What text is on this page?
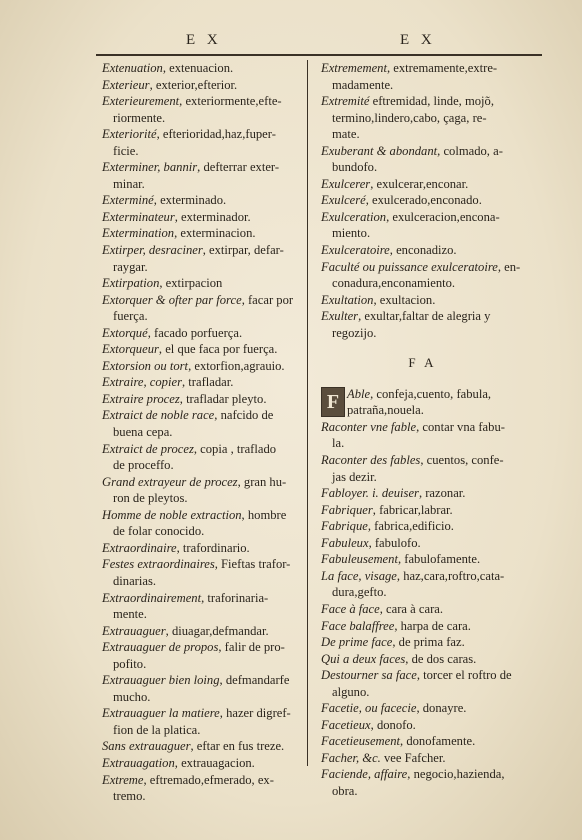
E X	E X
Extenuation, extenuacion.
Exterieur, exterior,efterior.
Exterieurement, exteriormente,efte-
riormente.
Exteriorité, efterioridad,haz,fuper-
ficie.
Exterminer, bannir, defterrar exter-
minar.
Exterminé, exterminado.
Exterminateur, exterminador.
Extermination, exterminacion.
Extirper, desraciner, extirpar, defar-
raygar.
Extirpation, extirpacion
Extorquer & ofter par force, facar por
fuerça.
Extorqué, facado porfuerça.
Extorqueur, el que faca por fuerça.
Extorsion ou tort, extorfion,agrauio.
Extraire, copier, trafladar.
Extraire procez, trafladar pleyto.
Extraict de noble race, nafcido de
buena cepa.
Extraict de procez, copia , traflado
de proceffo.
Grand extrayeur de procez, gran hu-
ron de pleytos.
Homme de noble extraction, hombre
de folar conocido.
Extraordinaire, trafordinario.
Festes extraordinaires, Fieftas trafor-
dinarias.
Extraordinairement, traforinaria-
mente.
Extrauaguer, diuagar,defmandar.
Extrauaguer de propos, falir de pro-
pofito.
Extrauaguer bien loing, defmandarfe
mucho.
Extrauaguer la matiere, hazer digref-
fion de la platica.
Sans extrauaguer, eftar en fus treze.
Extrauagation, extrauagacion.
Extreme, eftremado,efmerado, ex-
tremo.
Extremement, extremamente,extre-
madamente.
Extremité eftremidad, linde, mojõ,
termino,lindero,cabo, çaga, re-
mate.
Exuberant & abondant, colmado, a-
bundofo.
Exulcerer, exulcerar,enconar.
Exulceré, exulcerado,enconado.
Exulceration, exulceracion,encona-
miento.
Exulceratoire, enconadizo.
Faculté ou puissance exulceratoire, en-
conadura,enconamiento.
Exultation, exultacion.
Exulter, exultar,faltar de alegria y
regozijo.
F A
F Able, confeja,cuento, fabula,
patraña,nouela.
Raconter vne fable, contar vna fabu-
la.
Raconter des fables, cuentos, confe-
jas dezir.
Fabloyer. i. deuiser, razonar.
Fabriquer, fabricar,labrar.
Fabrique, fabrica,edificio.
Fabuleux, fabulofo.
Fabuleusement, fabulofamente.
La face, visage, haz,cara,roftro,cata-
dura,gefto.
Face à face, cara à cara.
Face balaffree, harpa de cara.
De prime face, de prima faz.
Qui a deux faces, de dos caras.
Destourner sa face, torcer el roftro de
alguno.
Facetie, ou facecie, donayre.
Facetieux, donofo.
Facetieusement, donofamente.
Facher, &c. vee Fafcher.
Faciende, affaire, negocio,hazienda,
obra.
